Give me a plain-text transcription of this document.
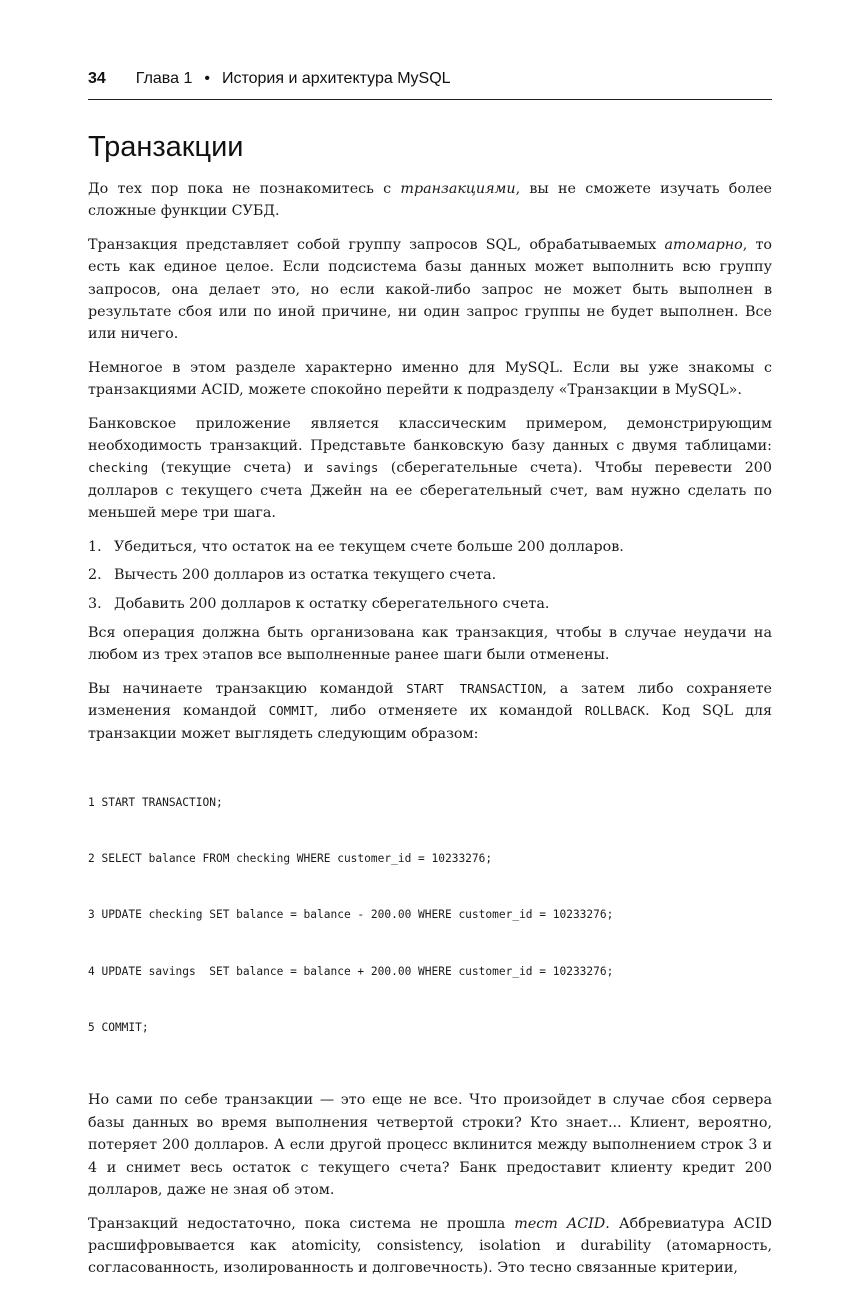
34 Глава 1 • История и архитектура MySQL
Транзакции

До тех пор пока не познакомитесь с транзакциями, вы не сможете изучать более сложные функции СУБД.

Транзакция представляет собой группу запросов SQL, обрабатываемых атомарно, то есть как единое целое. Если подсистема базы данных может выполнить всю группу запросов, она делает это, но если какой-либо запрос не может быть выполнен в результате сбоя или по иной причине, ни один запрос группы не будет выполнен. Все или ничего.

Немногое в этом разделе характерно именно для MySQL. Если вы уже знакомы с транзакциями ACID, можете спокойно перейти к подразделу «Транзакции в MySQL».

Банковское приложение является классическим примером, демонстрирующим необходимость транзакций. Представьте банковскую базу данных с двумя таблицами: checking (текущие счета) и savings (сберегательные счета). Чтобы перевести 200 долларов с текущего счета Джейн на ее сберегательный счет, вам нужно сделать по меньшей мере три шага.

1. Убедиться, что остаток на ее текущем счете больше 200 долларов.
2. Вычесть 200 долларов из остатка текущего счета.
3. Добавить 200 долларов к остатку сберегательного счета.

Вся операция должна быть организована как транзакция, чтобы в случае неудачи на любом из трех этапов все выполненные ранее шаги были отменены.

Вы начинаете транзакцию командой START TRANSACTION, а затем либо сохраняете изменения командой COMMIT, либо отменяете их командой ROLLBACK. Код SQL для транзакции может выглядеть следующим образом:

1 START TRANSACTION;

2 SELECT balance FROM checking WHERE customer_id = 10233276;

3 UPDATE checking SET balance = balance - 200.00 WHERE customer_id = 10233276;

4 UPDATE savings  SET balance = balance + 200.00 WHERE customer_id = 10233276;

5 COMMIT;

Но сами по себе транзакции — это еще не все. Что произойдет в случае сбоя сервера базы данных во время выполнения четвертой строки? Кто знает... Клиент, вероятно, потеряет 200 долларов. А если другой процесс вклинится между выполнением строк 3 и 4 и снимет весь остаток с текущего счета? Банк предоставит клиенту кредит 200 долларов, даже не зная об этом.

Транзакций недостаточно, пока система не прошла тест ACID. Аббревиатура ACID расшифровывается как atomicity, consistency, isolation и durability (атомарность, согласованность, изолированность и долговечность). Это тесно связанные критерии,
